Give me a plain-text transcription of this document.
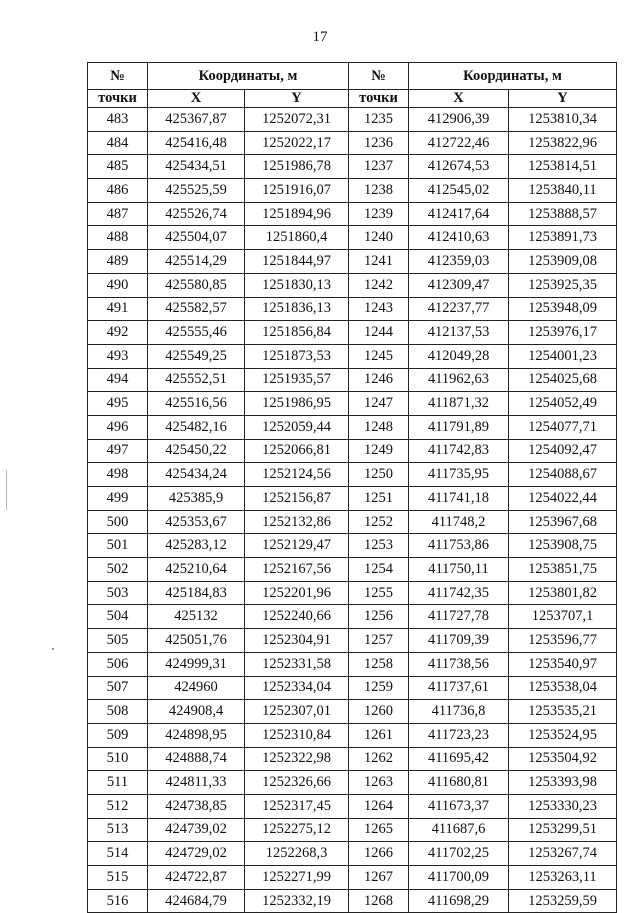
17
№	Координаты, м		№	Координаты, м	
точки	X	Y	точки	X	Y
483	425367,87	1252072,31	1235	412906,39	1253810,34
484	425416,48	1252022,17	1236	412722,46	1253822,96
485	425434,51	1251986,78	1237	412674,53	1253814,51
486	425525,59	1251916,07	1238	412545,02	1253840,11
487	425526,74	1251894,96	1239	412417,64	1253888,57
488	425504,07	1251860,4	1240	412410,63	1253891,73
489	425514,29	1251844,97	1241	412359,03	1253909,08
490	425580,85	1251830,13	1242	412309,47	1253925,35
491	425582,57	1251836,13	1243	412237,77	1253948,09
492	425555,46	1251856,84	1244	412137,53	1253976,17
493	425549,25	1251873,53	1245	412049,28	1254001,23
494	425552,51	1251935,57	1246	411962,63	1254025,68
495	425516,56	1251986,95	1247	411871,32	1254052,49
496	425482,16	1252059,44	1248	411791,89	1254077,71
497	425450,22	1252066,81	1249	411742,83	1254092,47
498	425434,24	1252124,56	1250	411735,95	1254088,67
499	425385,9	1252156,87	1251	411741,18	1254022,44
500	425353,67	1252132,86	1252	411748,2	1253967,68
501	425283,12	1252129,47	1253	411753,86	1253908,75
502	425210,64	1252167,56	1254	411750,11	1253851,75
503	425184,83	1252201,96	1255	411742,35	1253801,82
504	425132	1252240,66	1256	411727,78	1253707,1
505	425051,76	1252304,91	1257	411709,39	1253596,77
506	424999,31	1252331,58	1258	411738,56	1253540,97
507	424960	1252334,04	1259	411737,61	1253538,04
508	424908,4	1252307,01	1260	411736,8	1253535,21
509	424898,95	1252310,84	1261	411723,23	1253524,95
510	424888,74	1252322,98	1262	411695,42	1253504,92
511	424811,33	1252326,66	1263	411680,81	1253393,98
512	424738,85	1252317,45	1264	411673,37	1253330,23
513	424739,02	1252275,12	1265	411687,6	1253299,51
514	424729,02	1252268,3	1266	411702,25	1253267,74
515	424722,87	1252271,99	1267	411700,09	1253263,11
516	424684,79	1252332,19	1268	411698,29	1253259,59
